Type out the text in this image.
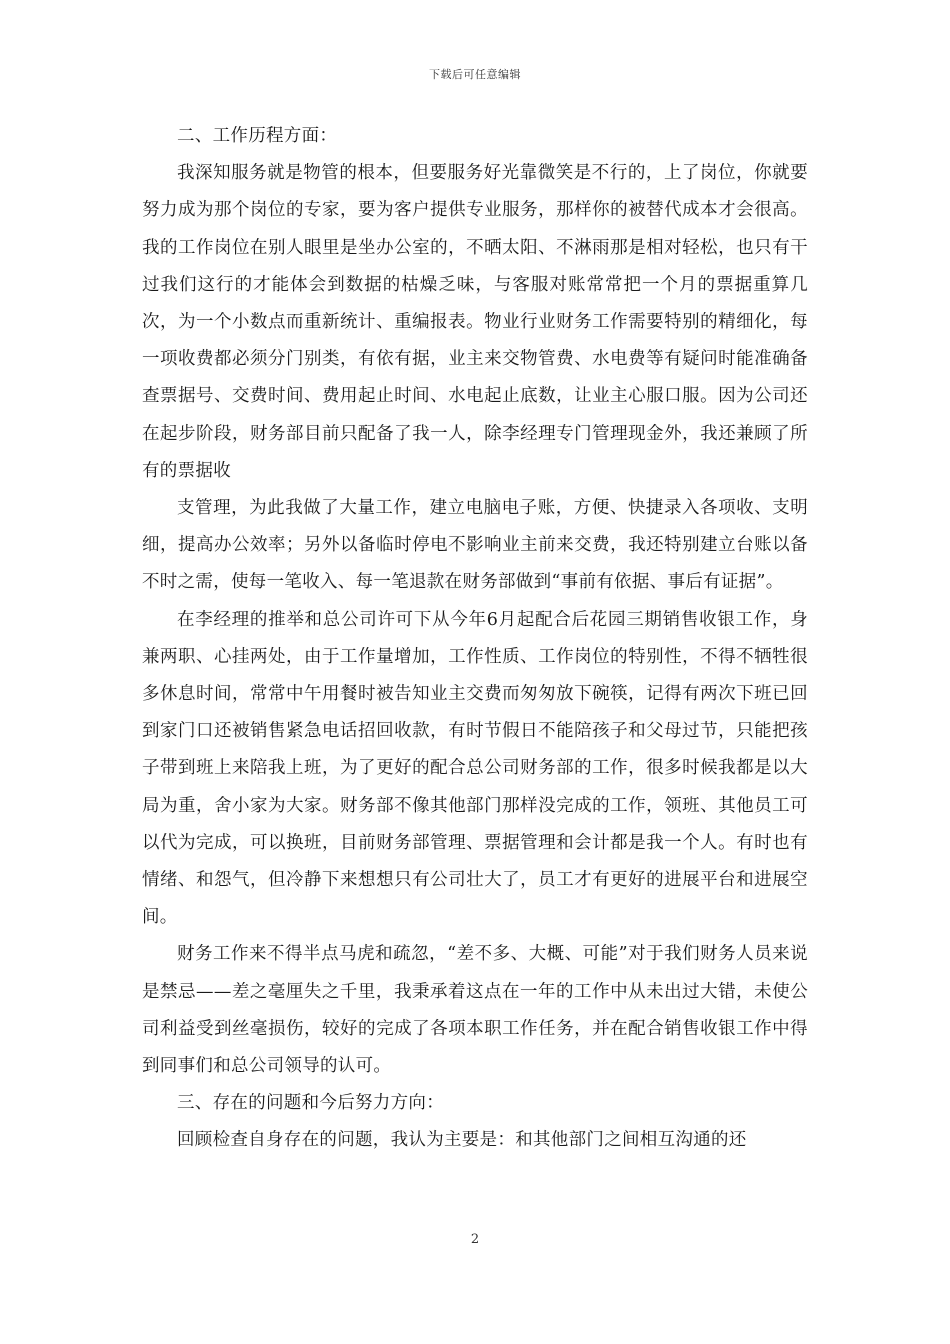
下载后可任意编辑

二、工作历程方面：

我深知服务就是物管的根本，但要服务好光靠微笑是不行的，上了岗位，你就要努力成为那个岗位的专家，要为客户提供专业服务，那样你的被替代成本才会很高。我的工作岗位在别人眼里是坐办公室的，不晒太阳、不淋雨那是相对轻松，也只有干过我们这行的才能体会到数据的枯燥乏味，与客服对账常常把一个月的票据重算几次，为一个小数点而重新统计、重编报表。物业行业财务工作需要特别的精细化，每一项收费都必须分门别类，有依有据，业主来交物管费、水电费等有疑问时能准确备查票据号、交费时间、费用起止时间、水电起止底数，让业主心服口服。因为公司还在起步阶段，财务部目前只配备了我一人，除李经理专门管理现金外，我还兼顾了所有的票据收

支管理，为此我做了大量工作，建立电脑电子账，方便、快捷录入各项收、支明细，提高办公效率；另外以备临时停电不影响业主前来交费，我还特别建立台账以备不时之需，使每一笔收入、每一笔退款在财务部做到“事前有依据、事后有证据”。

在李经理的推举和总公司许可下从今年6月起配合后花园三期销售收银工作，身兼两职、心挂两处，由于工作量增加，工作性质、工作岗位的特别性，不得不牺牲很多休息时间，常常中午用餐时被告知业主交费而匆匆放下碗筷，记得有两次下班已回到家门口还被销售紧急电话招回收款，有时节假日不能陪孩子和父母过节，只能把孩子带到班上来陪我上班，为了更好的配合总公司财务部的工作，很多时候我都是以大局为重，舍小家为大家。财务部不像其他部门那样没完成的工作，领班、其他员工可以代为完成，可以换班，目前财务部管理、票据管理和会计都是我一个人。有时也有情绪、和怨气，但冷静下来想想只有公司壮大了，员工才有更好的进展平台和进展空间。

财务工作来不得半点马虎和疏忽，“差不多、大概、可能”对于我们财务人员来说是禁忌——差之毫厘失之千里，我秉承着这点在一年的工作中从未出过大错，未使公司利益受到丝毫损伤，较好的完成了各项本职工作任务，并在配合销售收银工作中得到同事们和总公司领导的认可。

三、存在的问题和今后努力方向：

回顾检查自身存在的问题，我认为主要是：和其他部门之间相互沟通的还

2
